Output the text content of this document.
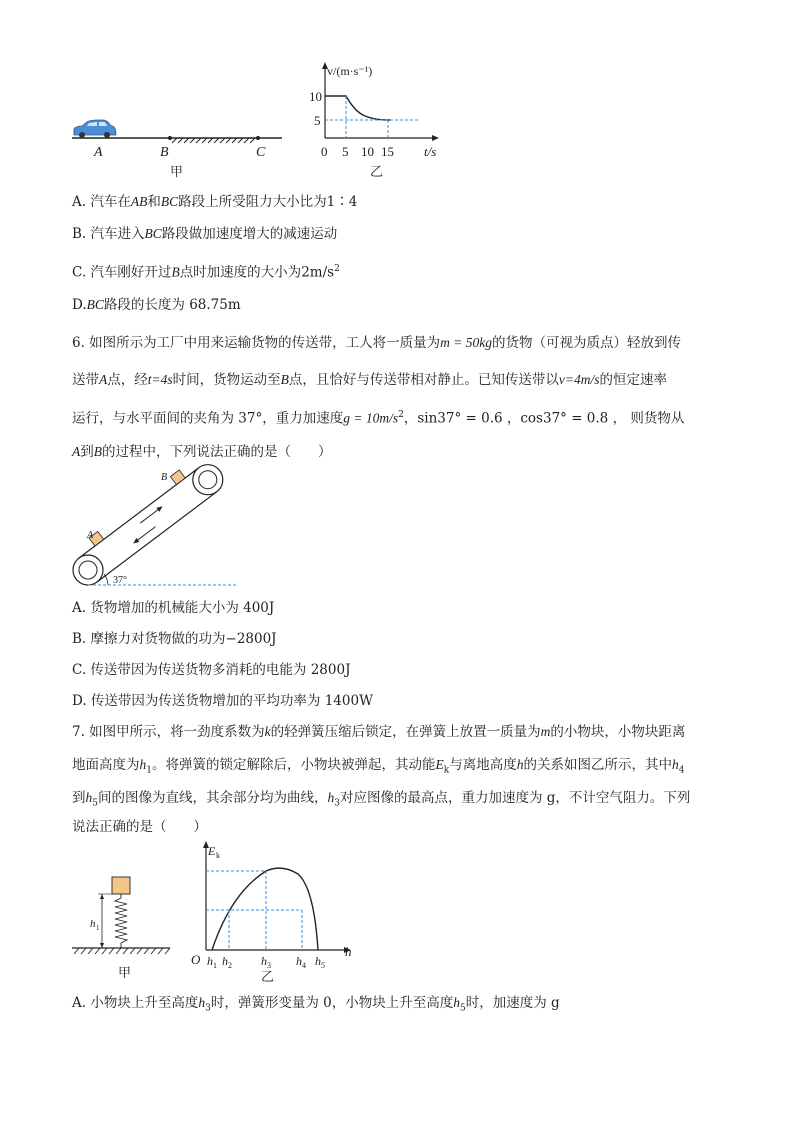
A	B	C
甲
v/(m·s⁻¹)
10
5
0 5 10 15 t/s
乙
A. 汽车在AB和BC路段上所受阻力大小比为1∶4
B. 汽车进入BC路段做加速度增大的减速运动
C. 汽车刚好开过B点时加速度的大小为$2m/s^2$
D.BC路段的长度为 68.75m
6. 如图所示为工厂中用来运输货物的传送带，工人将一质量为m = 50kg的货物（可视为质点）轻放到传
送带A点，经t=4s时间，货物运动至B点，且恰好与传送带相对静止。已知传送带以v=4m/s的恒定速率
运行，与水平面间的夹角为 37°，重力加速度$g = 10m/s^2$，sin37° = 0.6 ，cos37° = 0.8 ， 则货物从
A到B的过程中，下列说法正确的是（　　）
B
A
37°
A. 货物增加的机械能大小为 400J
B. 摩擦力对货物做的功为−2800J
C. 传送带因为传送货物多消耗的电能为 2800J
D. 传送带因为传送货物增加的平均功率为 1400W
7. 如图甲所示，将一劲度系数为k的轻弹簧压缩后锁定，在弹簧上放置一质量为m的小物块，小物块距离
地面高度为$h_1$。将弹簧的锁定解除后，小物块被弹起，其动能$E_k$与离地高度h的关系如图乙所示，其中$h_4$
到$h_5$间的图像为直线，其余部分均为曲线，$h_3$对应图像的最高点，重力加速度为 g，不计空气阻力。下列
说法正确的是（　　）
h 1
甲
E k
O
h
h 1 h 2 h 3 h 4 h 5
乙
A. 小物块上升至高度$h_3$时，弹簧形变量为 0，小物块上升至高度$h_5$时，加速度为 g
